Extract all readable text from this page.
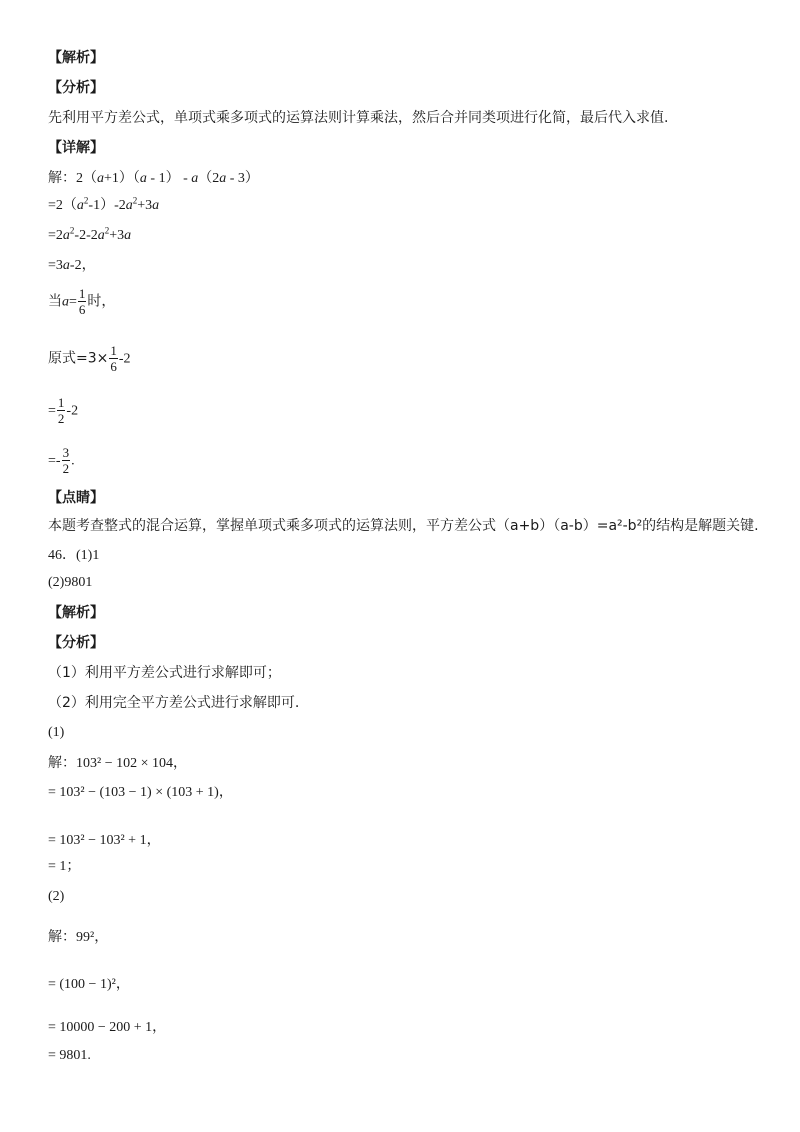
【解析】
【分析】
先利用平方差公式，单项式乘多项式的运算法则计算乘法，然后合并同类项进行化简，最后代入求值.
【详解】
解：2（a+1）（a - 1） - a（2a - 3）
$=2(a^2-1)-2a^2+3a$
$=2a^2-2-2a^2+3a$
=3a-2，
当$a= \frac{1}{6}$ 时，
原式$=3\times \frac{1}{6} -2$
= $\frac{1}{2} -2$
=- $\frac{3}{2}$ .
【点睛】
本题考查整式的混合运算，掌握单项式乘多项式的运算法则，平方差公式（a+b）（a-b）=a²-b²的结构是解题关键.
46．(1)1
(2)9801
【解析】
【分析】
（1）利用平方差公式进行求解即可；
（2）利用完全平方差公式进行求解即可.
(1)
解：103² − 102 × 104，
= 103² − (103 − 1) × (103 + 1)，
= 103² − 103² + 1，
= 1；
(2)
解：99²，
= (100 − 1)²，
= 10000 − 200 + 1，
= 9801.
